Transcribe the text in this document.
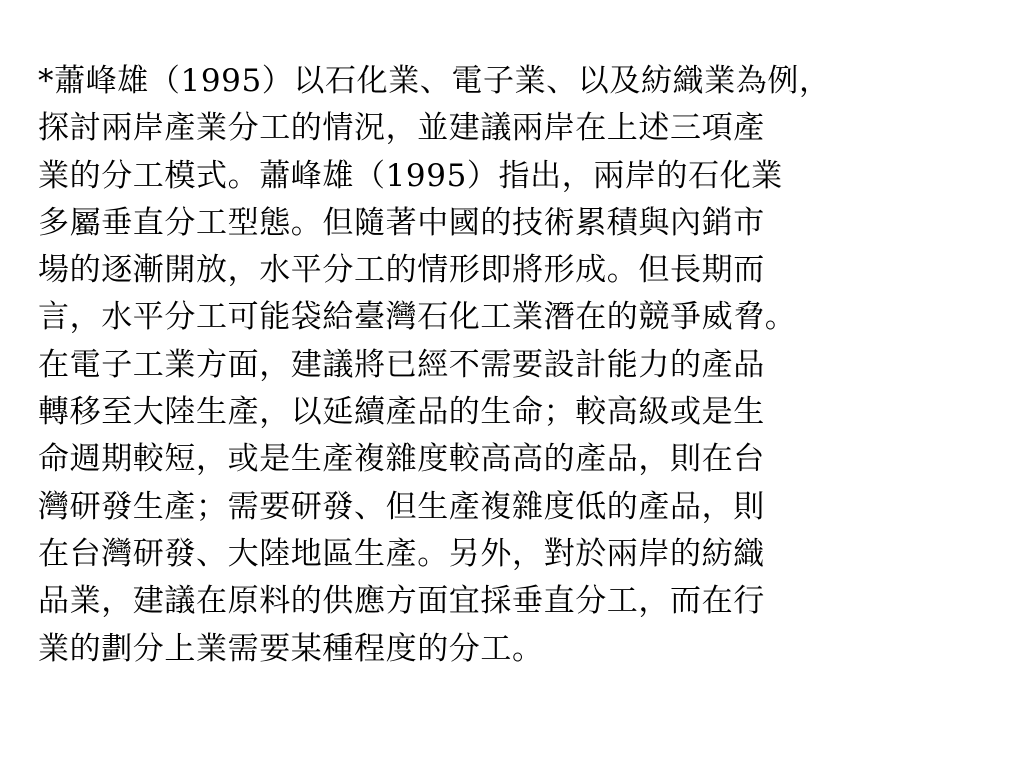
*蕭峰雄（1995）以石化業、電子業、以及紡織業為例，
探討兩岸產業分工的情況，並建議兩岸在上述三項產
業的分工模式。蕭峰雄（1995）指出，兩岸的石化業
多屬垂直分工型態。但隨著中國的技術累積與內銷市
場的逐漸開放，水平分工的情形即將形成。但長期而
言，水平分工可能袋給臺灣石化工業潛在的競爭威脅。
在電子工業方面，建議將已經不需要設計能力的產品
轉移至大陸生產，以延續產品的生命；較高級或是生
命週期較短，或是生產複雜度較高高的產品，則在台
灣研發生產；需要研發、但生產複雜度低的產品，則
在台灣研發、大陸地區生產。另外，對於兩岸的紡織
品業，建議在原料的供應方面宜採垂直分工，而在行
業的劃分上業需要某種程度的分工。
